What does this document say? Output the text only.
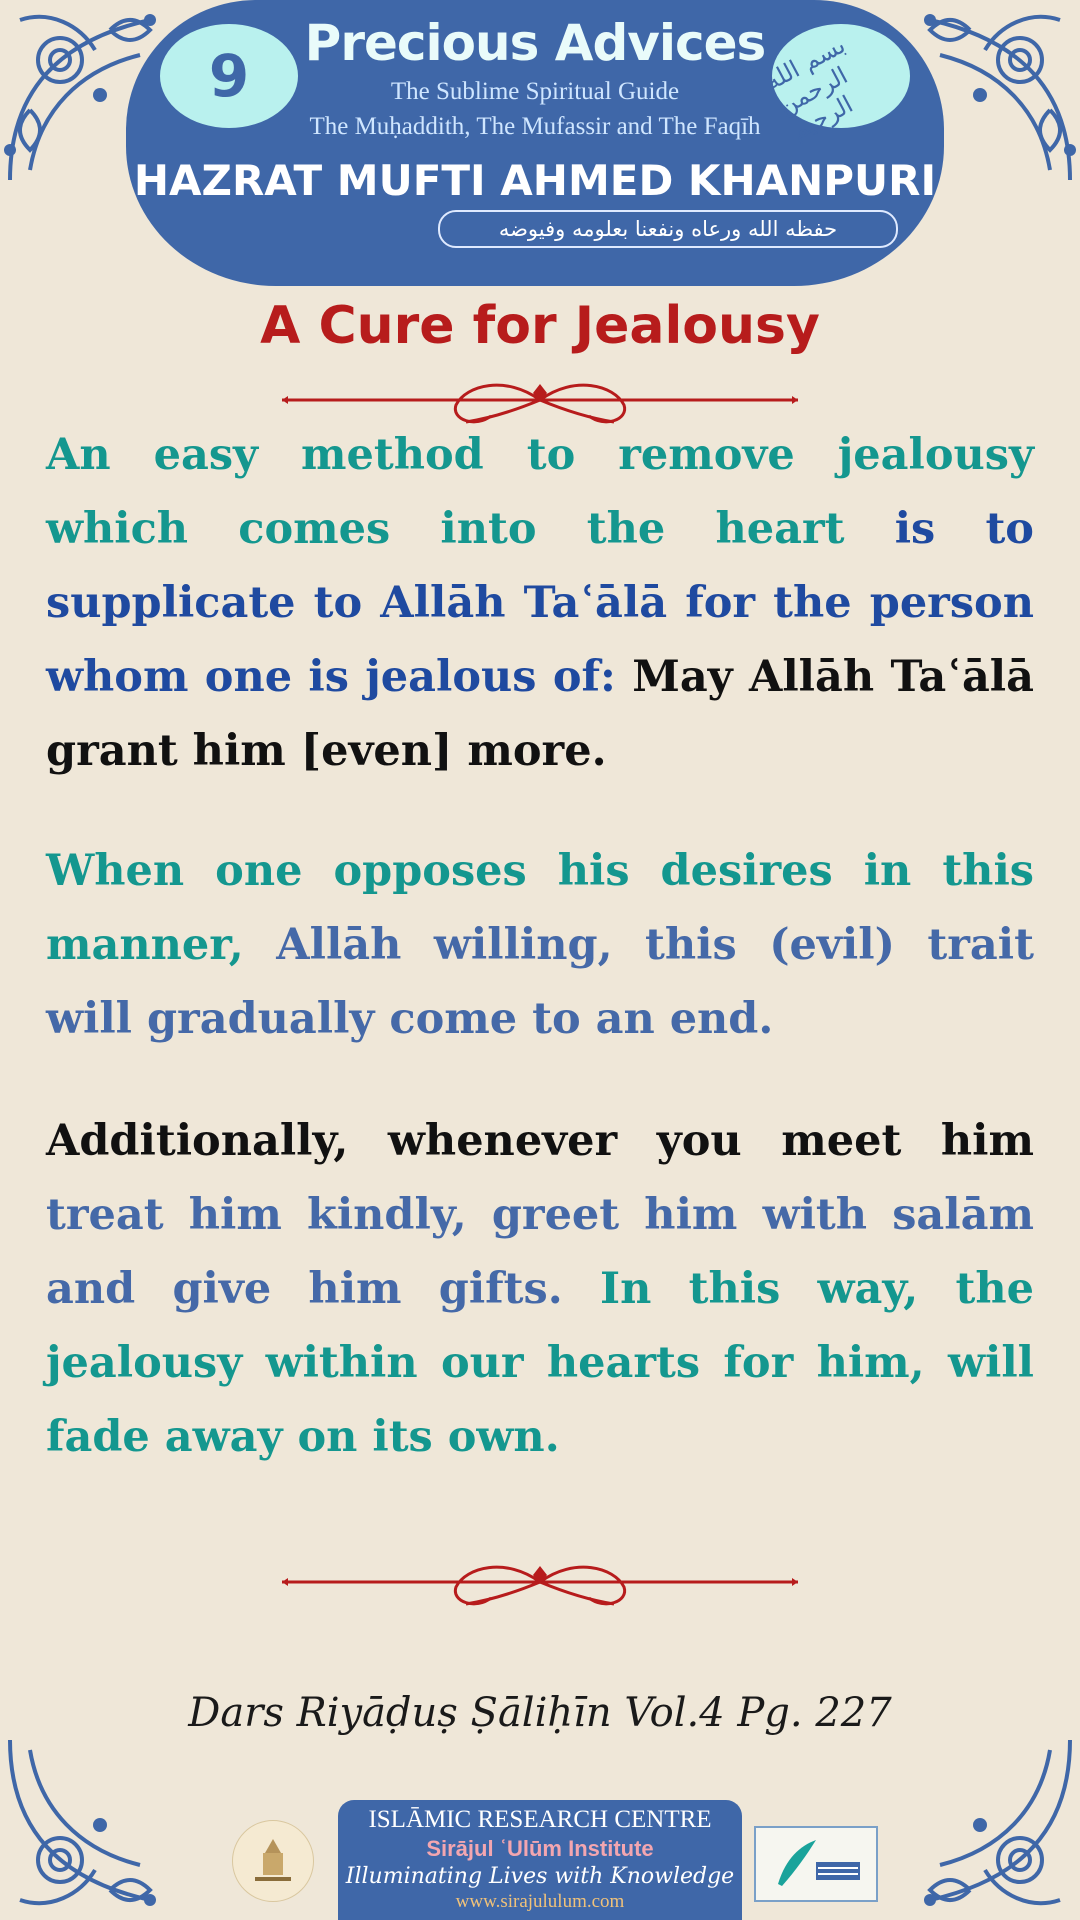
9	بسم الله الرحمن الرحيم
Precious Advices
The Sublime Spiritual Guide
The Muḥaddith, The Mufassir and The Faqīh
HAZRAT MUFTI AHMED KHANPURI
حفظه الله ورعاه ونفعنا بعلومه وفيوضه
A Cure for Jealousy
An easy method to remove jealousy which comes into the heart is to supplicate to Allāh Taʿālā for the person whom one is jealous of: May Allāh Taʿālā grant him [even] more.
When one opposes his desires in this manner, Allāh willing, this (evil) trait will gradually come to an end.
Additionally, whenever you meet him treat him kindly, greet him with salām and give him gifts. In this way, the jealousy within our hearts for him, will fade away on its own.
Dars Riyāḍuṣ Ṣāliḥīn Vol.4 Pg. 227
ISLĀMIC RESEARCH CENTRE
Sirājul ʿUlūm Institute
Illuminating Lives with Knowledge
www.sirajululum.com
